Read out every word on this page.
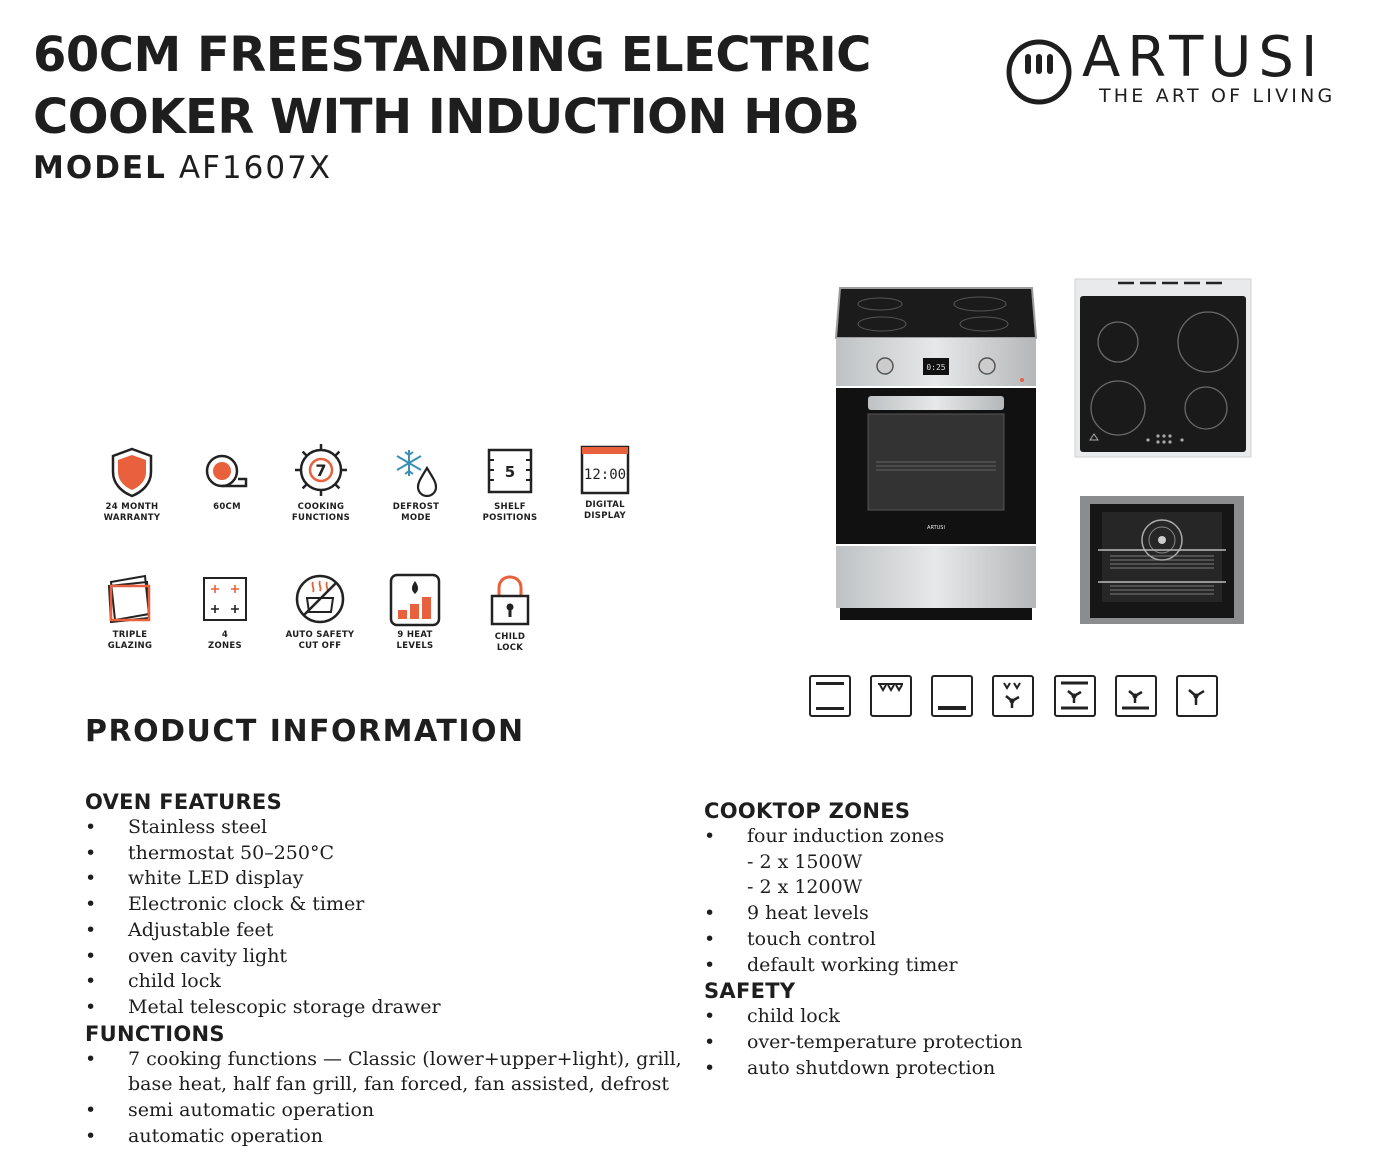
60CM FREESTANDING ELECTRIC
COOKER WITH INDUCTION HOB
MODEL AF1607X
ARTUSI
THE ART OF LIVING
24 MONTH
WARRANTY
60CM
7
COOKING
FUNCTIONS
DEFROST
MODE
5
SHELF
POSITIONS
12:00
DIGITAL
DISPLAY
TRIPLE
GLAZING
4
ZONES
AUTO SAFETY
CUT OFF
9 HEAT
LEVELS
CHILD
LOCK
0:25
ARTUSI
PRODUCT INFORMATION
OVEN FEATURES
• Stainless steel
• thermostat 50–250°C
• white LED display
• Electronic clock & timer
• Adjustable feet
• oven cavity light
• child lock
• Metal telescopic storage drawer
FUNCTIONS
• 7 cooking functions — Classic (lower+upper+light), grill,
base heat, half fan grill, fan forced, fan assisted, defrost
• semi automatic operation
• automatic operation
COOKTOP ZONES
• four induction zones
- 2 x 1500W
- 2 x 1200W
• 9 heat levels
• touch control
• default working timer
SAFETY
• child lock
• over-temperature protection
• auto shutdown protection
